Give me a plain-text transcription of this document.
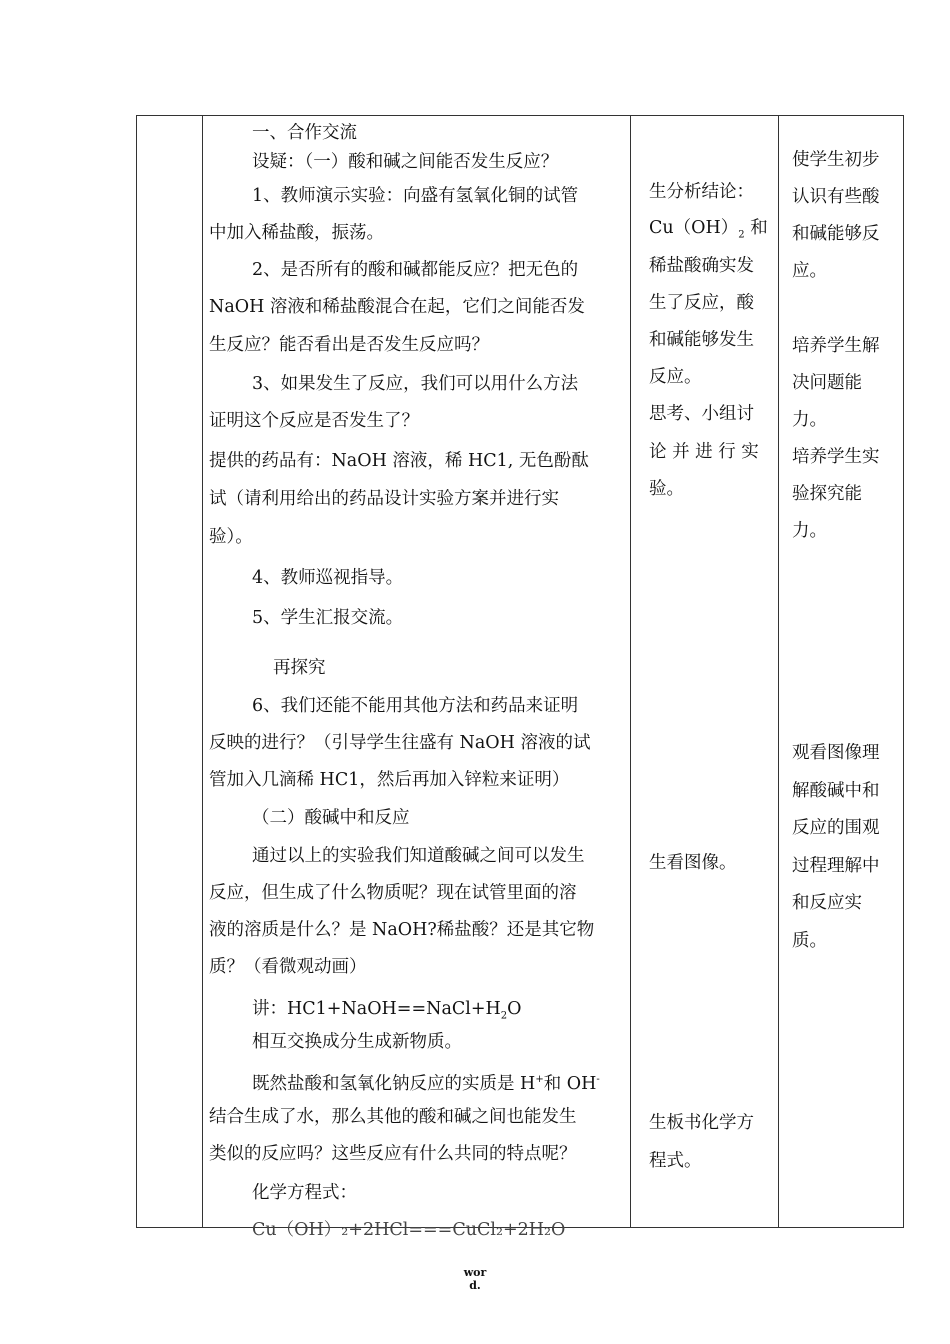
一、合作交流
设疑：（一）酸和碱之间能否发生反应？
1、教师演示实验：向盛有氢氧化铜的试管
中加入稀盐酸，振荡。
2、是否所有的酸和碱都能反应？把无色的
NaOH 溶液和稀盐酸混合在起，它们之间能否发
生反应？能否看出是否发生反应吗？
3、如果发生了反应，我们可以用什么方法
证明这个反应是否发生了？
提供的药品有：NaOH 溶液，稀 HC1, 无色酚酞
试（请利用给出的药品设计实验方案并进行实
验）。
4、教师巡视指导。
5、学生汇报交流。
再探究
6、我们还能不能用其他方法和药品来证明
反映的进行？（引导学生往盛有 NaOH 溶液的试
管加入几滴稀 HC1，然后再加入锌粒来证明）
（二）酸碱中和反应
通过以上的实验我们知道酸碱之间可以发生
反应，但生成了什么物质呢？现在试管里面的溶
液的溶质是什么？是 NaOH?稀盐酸？还是其它物
质？（看微观动画）
讲：$HC1+NaOH==NaCl+H_2O$
相互交换成分生成新物质。
既然盐酸和氢氧化钠反应的实质是 H+和 OH-
结合生成了水，那么其他的酸和碱之间也能发生
类似的反应吗？这些反应有什么共同的特点呢？
化学方程式：
Cu（OH）₂+2HCl===CuCl₂+2H₂O
生分析结论：
$Cu(OH)_2$ 和
稀盐酸确实发
生了反应，酸
和碱能够发生
反应。
思考、小组讨
论 并 进 行 实
验。
生看图像。
生板书化学方
程式。
使学生初步
认识有些酸
和碱能够反
应。
培养学生解
决问题能
力。
培养学生实
验探究能
力。
观看图像理
解酸碱中和
反应的围观
过程理解中
和反应实
质。
wor
d.
